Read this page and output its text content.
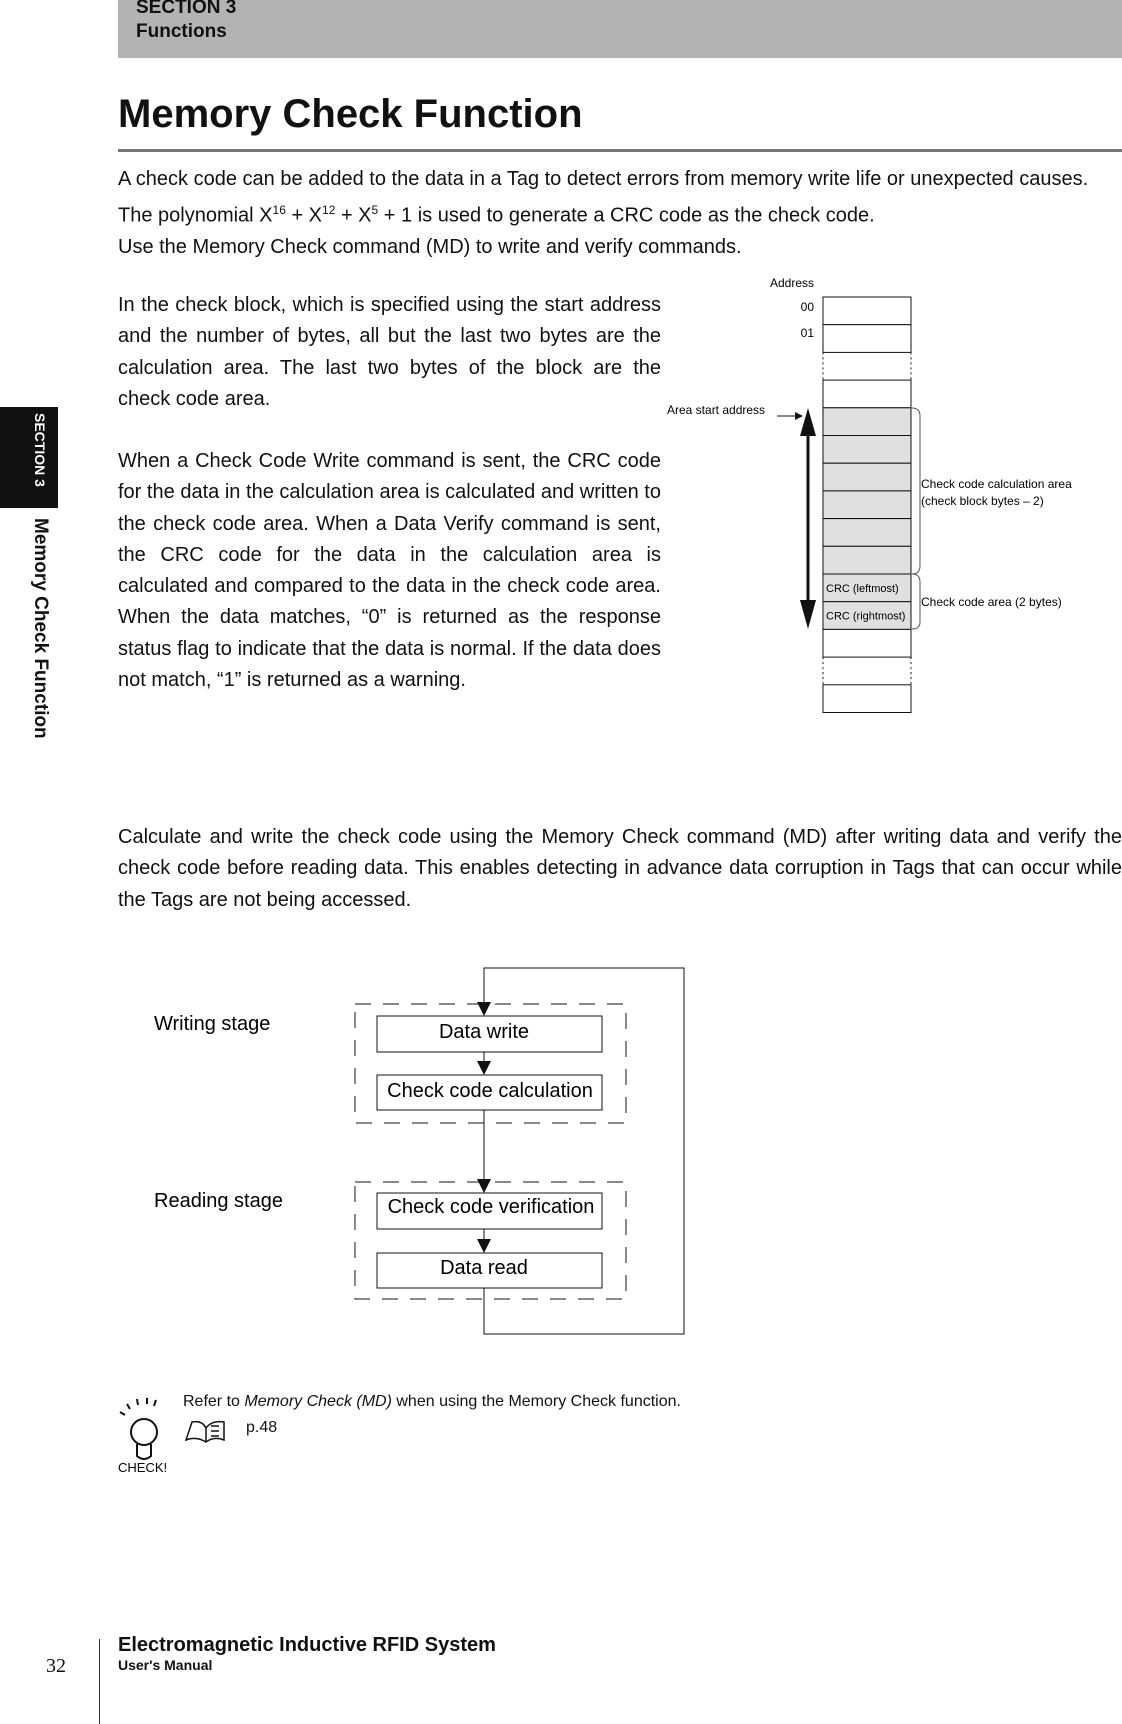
SECTION 3
Functions
Memory Check Function
A check code can be added to the data in a Tag to detect errors from memory write life or unexpected causes.
The polynomial $X^{16} + X^{12} + X^5 + 1$ is used to generate a CRC code as the check code.
Use the Memory Check command (MD) to write and verify commands.
In the check block, which is specified using the start address and the number of bytes, all but the last two bytes are the calculation area. The last two bytes of the block are the check code area.
When a Check Code Write command is sent, the CRC code for the data in the calculation area is calculated and written to the check code area. When a Data Verify command is sent, the CRC code for the data in the calculation area is calculated and compared to the data in the check code area. When the data matches, “0” is returned as the response status flag to indicate that the data is normal. If the data does not match, “1” is returned as a warning.
Calculate and write the check code using the Memory Check command (MD) after writing data and verify the check code before reading data. This enables detecting in advance data corruption in Tags that can occur while the Tags are not being accessed.
CRC (leftmost)
CRC (rightmost)
Address
00
01
Area start address
Check code calculation area
(check block bytes – 2)
Check code area (2 bytes)
Writing stage
Reading stage
Data write
Check code calculation
Check code verification
Data read
CHECK!
Refer to Memory Check (MD) when using the Memory Check function.
p.48
SECTION 3
Memory Check Function
32
Electromagnetic Inductive RFID System
User's Manual
